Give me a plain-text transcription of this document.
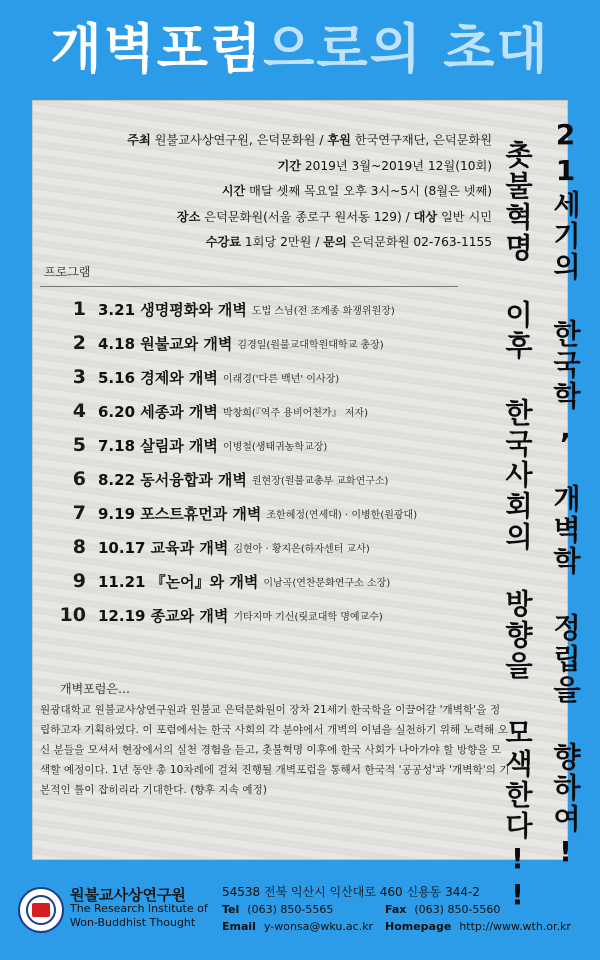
개벽포럼으로의 초대
주최 원불교사상연구원, 은덕문화원 / 후원 한국연구재단, 은덕문화원
기간 2019년 3월~2019년 12월(10회)
시간 매달 셋째 목요일 오후 3시~5시 (8월은 넷째)
장소 은덕문화원(서울 종로구 원서동 129) / 대상 일반 시민
수강료 1회당 2만원 / 문의 은덕문화원 02-763-1155
프로그램
1 3.21 생명평화와 개벽 도법 스님(전 조계종 화쟁위원장)
2 4.18 원불교와 개벽 김경일(원불교대학원대학교 총장)
3 5.16 경제와 개벽 이래경('다른 백년' 이사장)
4 6.20 세종과 개벽 박창희(『역주 용비어천가』 저자)
5 7.18 살림과 개벽 이병철(생태귀농학교장)
6 8.22 동서융합과 개벽 원현장(원불교총부 교화연구소)
7 9.19 포스트휴먼과 개벽 조한혜정(연세대) · 이병한(원광대)
8 10.17 교육과 개벽 김현아 · 황지은(하자센터 교사)
9 11.21 『논어』와 개벽 이남곡(연찬문화연구소 소장)
10 12.19 종교와 개벽 기타지마 기신(릿쿄대학 명예교수)	21세기의 한국학, 개벽학 정립을 향하여!
촛불혁명 이후 한국사회의 방향을 모색한다!!
개벽포럼은…
원광대학교 원불교사상연구원과 원불교 은덕문화원이 장차 21세기 한국학을 이끌어갈 '개벽학'을 정립하고자 기획하였다. 이 포럼에서는 한국 사회의 각 분야에서 개벽의 이념을 실천하기 위해 노력해 오신 분들을 모셔서 현장에서의 실천 경험을 듣고, 촛불혁명 이후에 한국 사회가 나아가야 할 방향을 모색할 예정이다. 1년 동안 총 10차례에 걸쳐 진행될 개벽포럼을 통해서 한국적 '공공성'과 '개벽학'의 기본적인 틀이 잡히리라 기대한다. (향후 지속 예정)
원불교사상연구원
The Research Institute of
Won-Buddhist Thought
54538 전북 익산시 익산대로 460 신용동 344-2
Tel (063) 850-5565	Fax (063) 850-5560
Email y-wonsa@wku.ac.kr Homepage http://www.wth.or.kr
